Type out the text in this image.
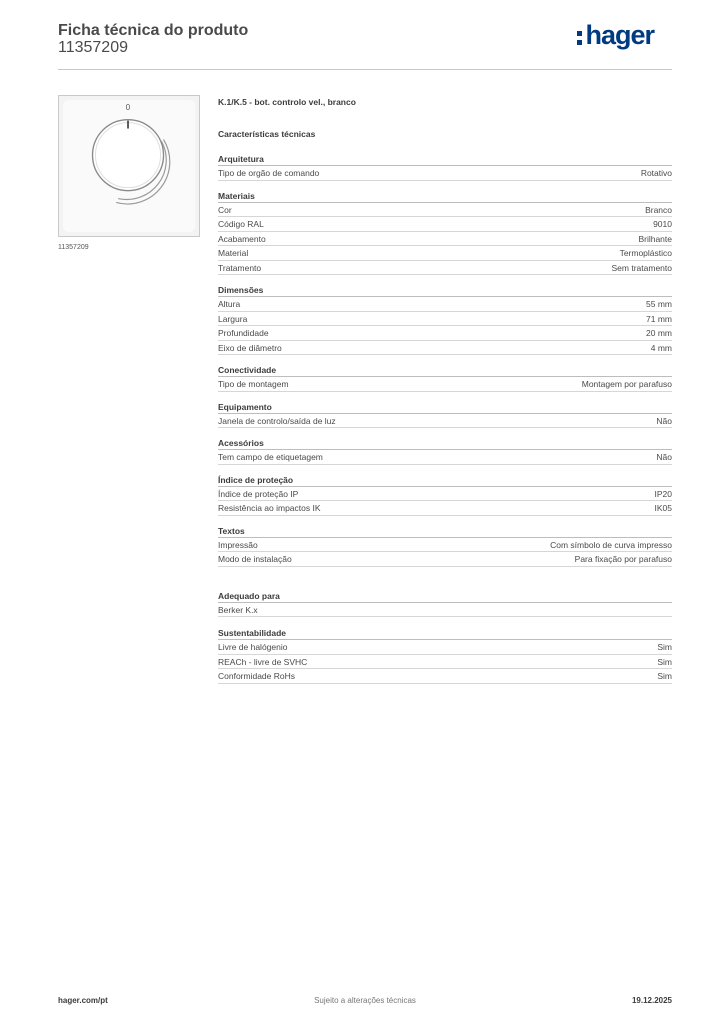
Ficha técnica do produto
11357209	hager
0
11357209
K.1/K.5 - bot. controlo vel., branco
Características técnicas
Arquitetura
Tipo de orgão de comando	Rotativo
Materiais
Cor	Branco
Código RAL	9010
Acabamento	Brilhante
Material	Termoplástico
Tratamento	Sem tratamento
Dimensões
Altura	55 mm
Largura	71 mm
Profundidade	20 mm
Eixo de diâmetro	4 mm
Conectividade
Tipo de montagem	Montagem por parafuso
Equipamento
Janela de controlo/saída de luz	Não
Acessórios
Tem campo de etiquetagem	Não
Índice de proteção
Índice de proteção IP	IP20
Resistência ao impactos IK	IK05
Textos
Impressão	Com símbolo de curva impresso
Modo de instalação	Para fixação por parafuso
Adequado para
Berker K.x
Sustentabilidade
Livre de halógenio	Sim
REACh - livre de SVHC	Sim
Conformidade RoHs	Sim
Sujeito a alterações técnicas
hager.com/pt	19.12.2025
